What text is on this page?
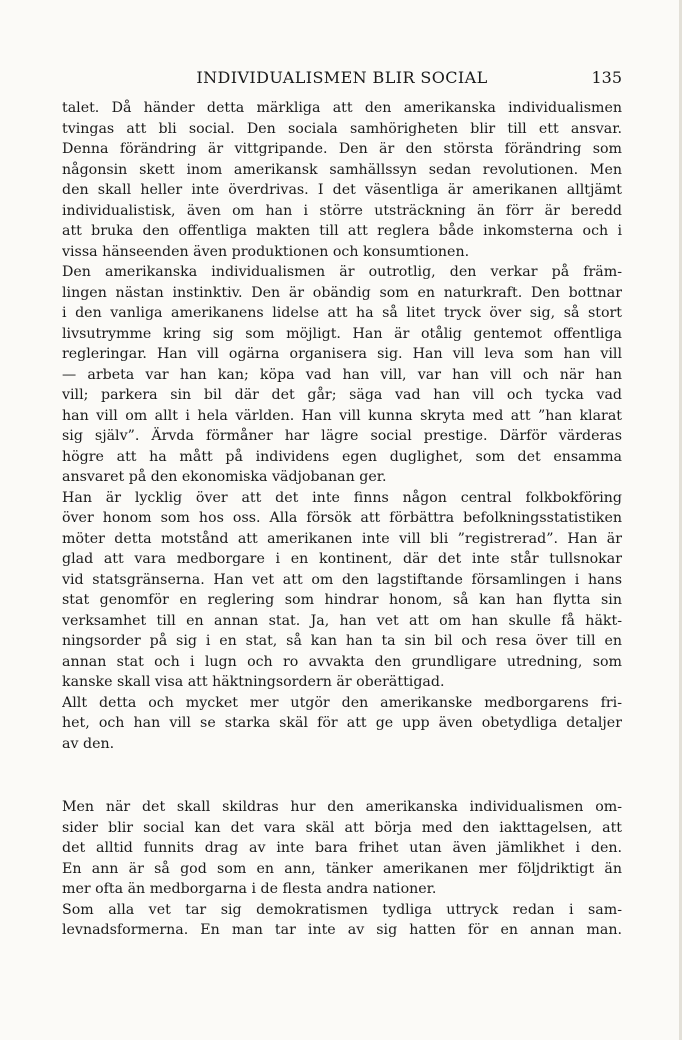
INDIVIDUALISMEN BLIR SOCIAL	135
talet. Då händer detta märkliga att den amerikanska individualismen
tvingas att bli social. Den sociala samhörigheten blir till ett ansvar.
Denna förändring är vittgripande. Den är den största förändring som
någonsin skett inom amerikansk samhällssyn sedan revolutionen. Men
den skall heller inte överdrivas. I det väsentliga är amerikanen alltjämt
individualistisk, även om han i större utsträckning än förr är beredd
att bruka den offentliga makten till att reglera både inkomsterna och i
vissa hänseenden även produktionen och konsumtionen.
Den amerikanska individualismen är outrotlig, den verkar på främ-
lingen nästan instinktiv. Den är obändig som en naturkraft. Den bottnar
i den vanliga amerikanens lidelse att ha så litet tryck över sig, så stort
livsutrymme kring sig som möjligt. Han är otålig gentemot offentliga
regleringar. Han vill ogärna organisera sig. Han vill leva som han vill
— arbeta var han kan; köpa vad han vill, var han vill och när han
vill; parkera sin bil där det går; säga vad han vill och tycka vad
han vill om allt i hela världen. Han vill kunna skryta med att ”han klarat
sig själv”. Ärvda förmåner har lägre social prestige. Därför värderas
högre att ha mått på individens egen duglighet, som det ensamma
ansvaret på den ekonomiska vädjobanan ger.
Han är lycklig över att det inte finns någon central folkbokföring
över honom som hos oss. Alla försök att förbättra befolkningsstatistiken
möter detta motstånd att amerikanen inte vill bli ”registrerad”. Han är
glad att vara medborgare i en kontinent, där det inte står tullsnokar
vid statsgränserna. Han vet att om den lagstiftande församlingen i hans
stat genomför en reglering som hindrar honom, så kan han flytta sin
verksamhet till en annan stat. Ja, han vet att om han skulle få häkt-
ningsorder på sig i en stat, så kan han ta sin bil och resa över till en
annan stat och i lugn och ro avvakta den grundligare utredning, som
kanske skall visa att häktningsordern är oberättigad.
Allt detta och mycket mer utgör den amerikanske medborgarens fri-
het, och han vill se starka skäl för att ge upp även obetydliga detaljer
av den.
Men när det skall skildras hur den amerikanska individualismen om-
sider blir social kan det vara skäl att börja med den iakttagelsen, att
det alltid funnits drag av inte bara frihet utan även jämlikhet i den.
En ann är så god som en ann, tänker amerikanen mer följdriktigt än
mer ofta än medborgarna i de flesta andra nationer.
Som alla vet tar sig demokratismen tydliga uttryck redan i sam-
levnadsformerna. En man tar inte av sig hatten för en annan man.
